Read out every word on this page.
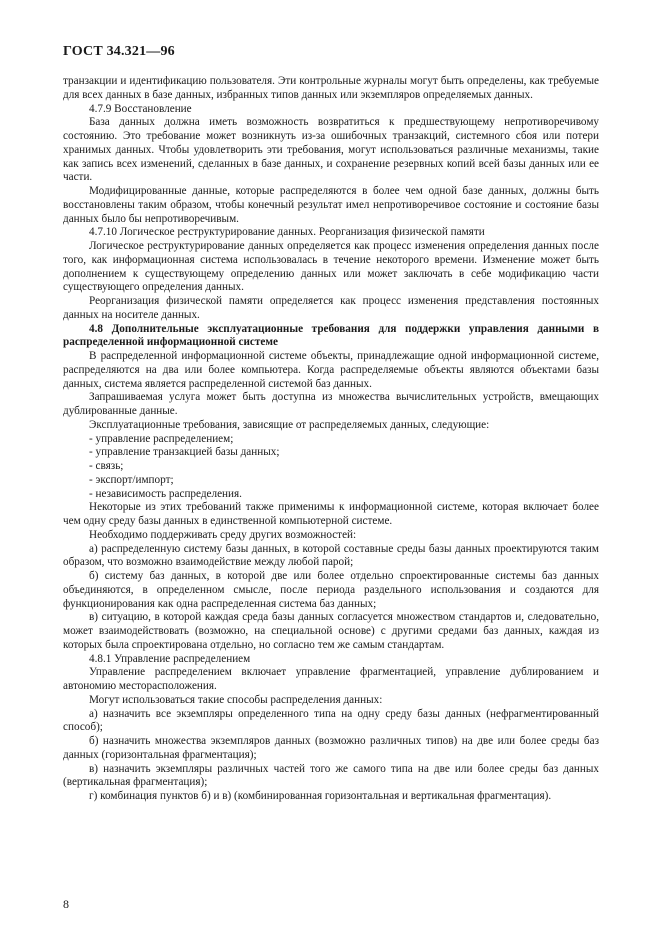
ГОСТ 34.321—96

транзакции и идентификацию пользователя. Эти контрольные журналы могут быть определены, как требуемые для всех данных в базе данных, избранных типов данных или экземпляров определяемых данных.

4.7.9 Восстановление

База данных должна иметь возможность возвратиться к предшествующему непротиворечивому состоянию. Это требование может возникнуть из-за ошибочных транзакций, системного сбоя или потери хранимых данных. Чтобы удовлетворить эти требования, могут использоваться различные механизмы, такие как запись всех изменений, сделанных в базе данных, и сохранение резервных копий всей базы данных или ее части.

Модифицированные данные, которые распределяются в более чем одной базе данных, должны быть восстановлены таким образом, чтобы конечный результат имел непротиворечивое состояние и состояние базы данных было бы непротиворечивым.

4.7.10 Логическое реструктурирование данных. Реорганизация физической памяти

Логическое реструктурирование данных определяется как процесс изменения определения данных после того, как информационная система использовалась в течение некоторого времени. Изменение может быть дополнением к существующему определению данных или может заключать в себе модификацию части существующего определения данных.

Реорганизация физической памяти определяется как процесс изменения представления постоянных данных на носителе данных.

4.8 Дополнительные эксплуатационные требования для поддержки управления данными в распределенной информационной системе

В распределенной информационной системе объекты, принадлежащие одной информационной системе, распределяются на два или более компьютера. Когда распределяемые объекты являются объектами базы данных, система является распределенной системой баз данных.

Запрашиваемая услуга может быть доступна из множества вычислительных устройств, вмещающих дублированные данные.

Эксплуатационные требования, зависящие от распределяемых данных, следующие:

- управление распределением;

- управление транзакцией базы данных;

- связь;

- экспорт/импорт;

- независимость распределения.

Некоторые из этих требований также применимы к информационной системе, которая включает более чем одну среду базы данных в единственной компьютерной системе.

Необходимо поддерживать среду других возможностей:

а) распределенную систему базы данных, в которой составные среды базы данных проектируются таким образом, что возможно взаимодействие между любой парой;

б) систему баз данных, в которой две или более отдельно спроектированные системы баз данных объединяются, в определенном смысле, после периода раздельного использования и создаются для функционирования как одна распределенная система баз данных;

в) ситуацию, в которой каждая среда базы данных согласуется множеством стандартов и, следовательно, может взаимодействовать (возможно, на специальной основе) с другими средами баз данных, каждая из которых была спроектирована отдельно, но согласно тем же самым стандартам.

4.8.1 Управление распределением

Управление распределением включает управление фрагментацией, управление дублированием и автономию месторасположения.

Могут использоваться такие способы распределения данных:

а) назначить все экземпляры определенного типа на одну среду базы данных (нефрагментированный способ);

б) назначить множества экземпляров данных (возможно различных типов) на две или более среды баз данных (горизонтальная фрагментация);

в) назначить экземпляры различных частей того же самого типа на две или более среды баз данных (вертикальная фрагментация);

г) комбинация пунктов б) и в) (комбинированная горизонтальная и вертикальная фрагментация).

8
